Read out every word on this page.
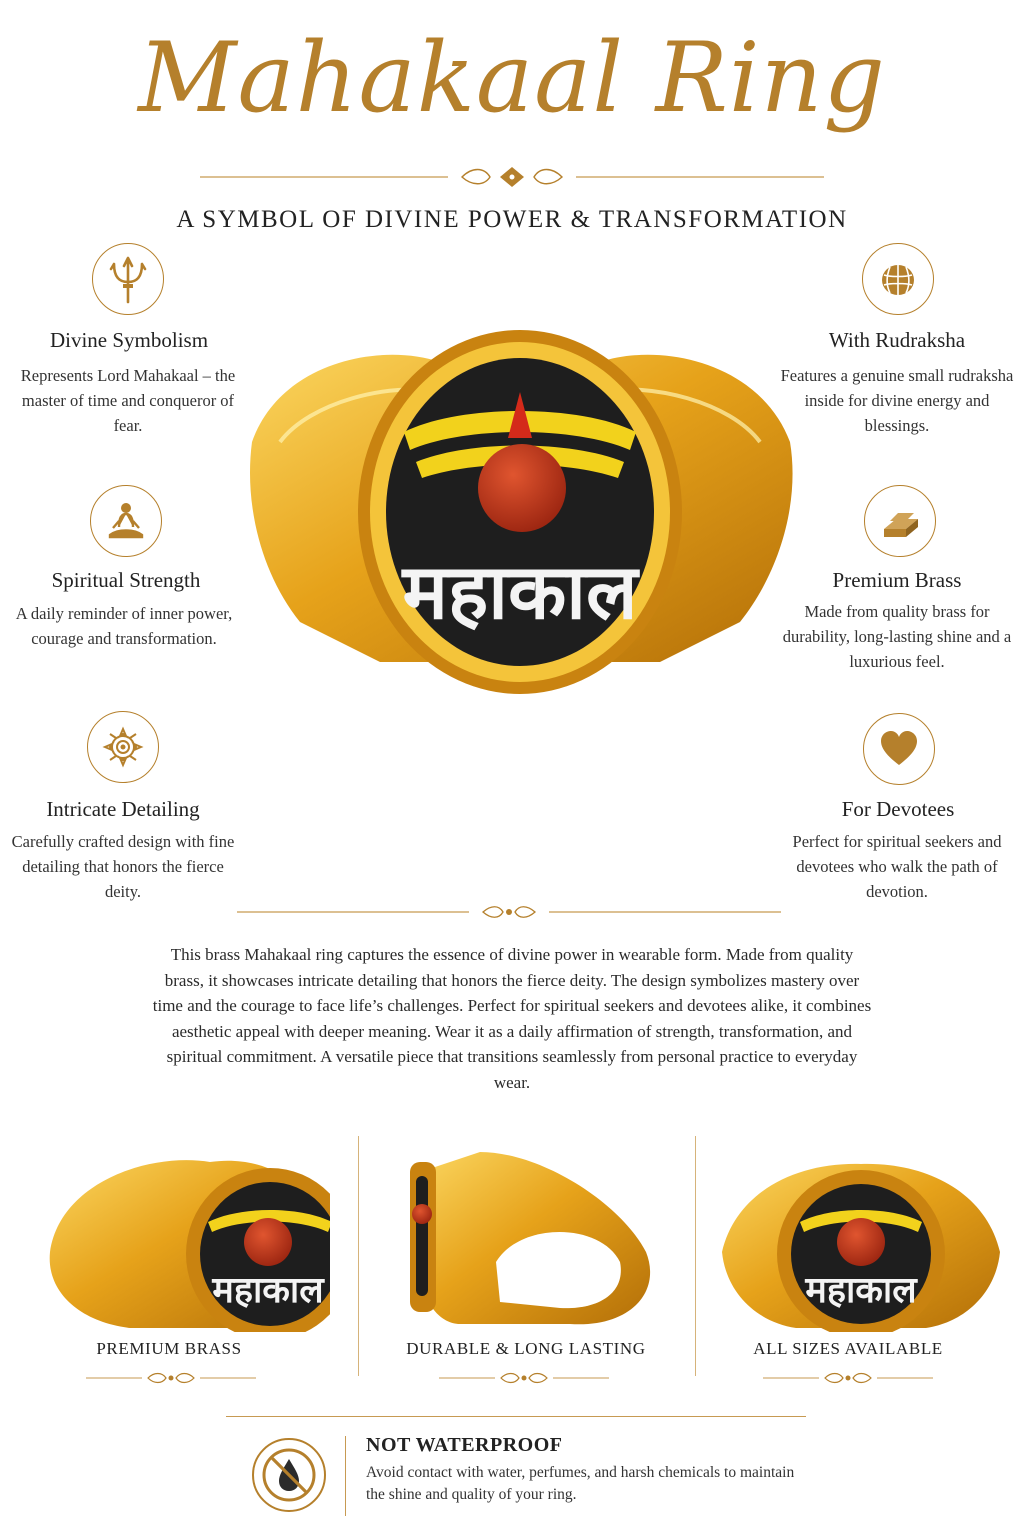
Mahakaal Ring
A SYMBOL OF DIVINE POWER & TRANSFORMATION
Divine Symbolism
Represents Lord Mahakaal – the master of time and conqueror of fear.
Spiritual Strength
A daily reminder of inner power, courage and transformation.
Intricate Detailing
Carefully crafted design with fine detailing that honors the fierce deity.
With Rudraksha
Features a genuine small rudraksha inside for divine energy and blessings.
Premium Brass
Made from quality brass for durability, long-lasting shine and a luxurious feel.
For Devotees
Perfect for spiritual seekers and devotees who walk the path of devotion.
महाकाल
This brass Mahakaal ring captures the essence of divine power in wearable form. Made from quality brass, it showcases intricate detailing that honors the fierce deity. The design symbolizes mastery over time and the courage to face life’s challenges. Perfect for spiritual seekers and devotees alike, it combines aesthetic appeal with deeper meaning. Wear it as a daily affirmation of strength, transformation, and spiritual commitment. A versatile piece that transitions seamlessly from personal practice to everyday wear.
महाकाल	महाकाल
PREMIUM BRASS	DURABLE & LONG LASTING	ALL SIZES AVAILABLE
NOT WATERPROOF
Avoid contact with water, perfumes, and harsh chemicals to maintain the shine and quality of your ring.
